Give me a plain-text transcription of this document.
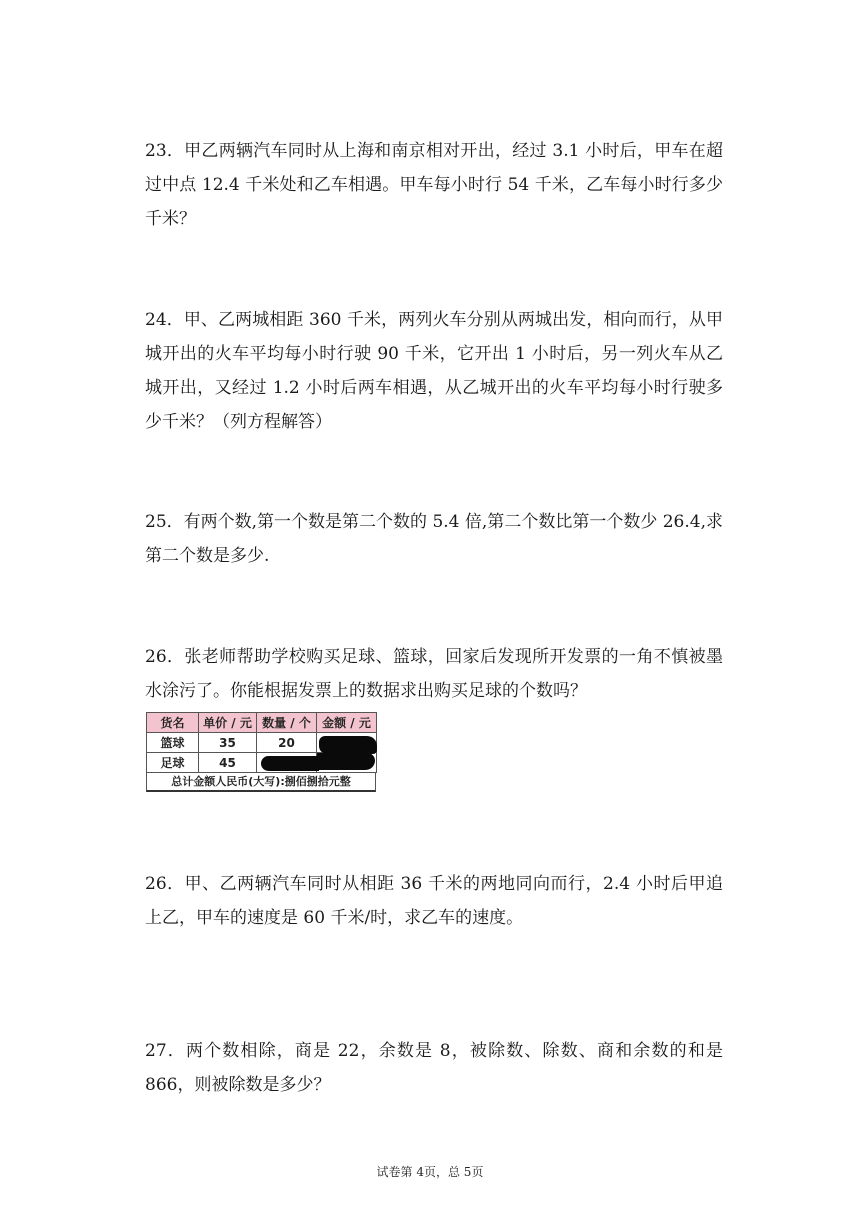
23．甲乙两辆汽车同时从上海和南京相对开出，经过 3.1 小时后，甲车在超过中点 12.4 千米处和乙车相遇。甲车每小时行 54 千米，乙车每小时行多少千米？

24．甲、乙两城相距 360 千米，两列火车分别从两城出发，相向而行，从甲城开出的火车平均每小时行驶 90 千米，它开出 1 小时后，另一列火车从乙城开出，又经过 1.2 小时后两车相遇，从乙城开出的火车平均每小时行驶多少千米？（列方程解答）

25．有两个数,第一个数是第二个数的 5.4 倍,第二个数比第一个数少 26.4,求第二个数是多少.

26．张老师帮助学校购买足球、篮球，回家后发现所开发票的一角不慎被墨水涂污了。你能根据发票上的数据求出购买足球的个数吗？

货名	单价 / 元	数量 / 个	金额 / 元
篮球	35	20	

足球	45	

总计金额人民币(大写):捌佰捌拾元整

26．甲、乙两辆汽车同时从相距 36 千米的两地同向而行，2.4 小时后甲追上乙，甲车的速度是 60 千米/时，求乙车的速度。

27．两个数相除，商是 22，余数是 8，被除数、除数、商和余数的和是 866，则被除数是多少？

试卷第 4页，总 5页
